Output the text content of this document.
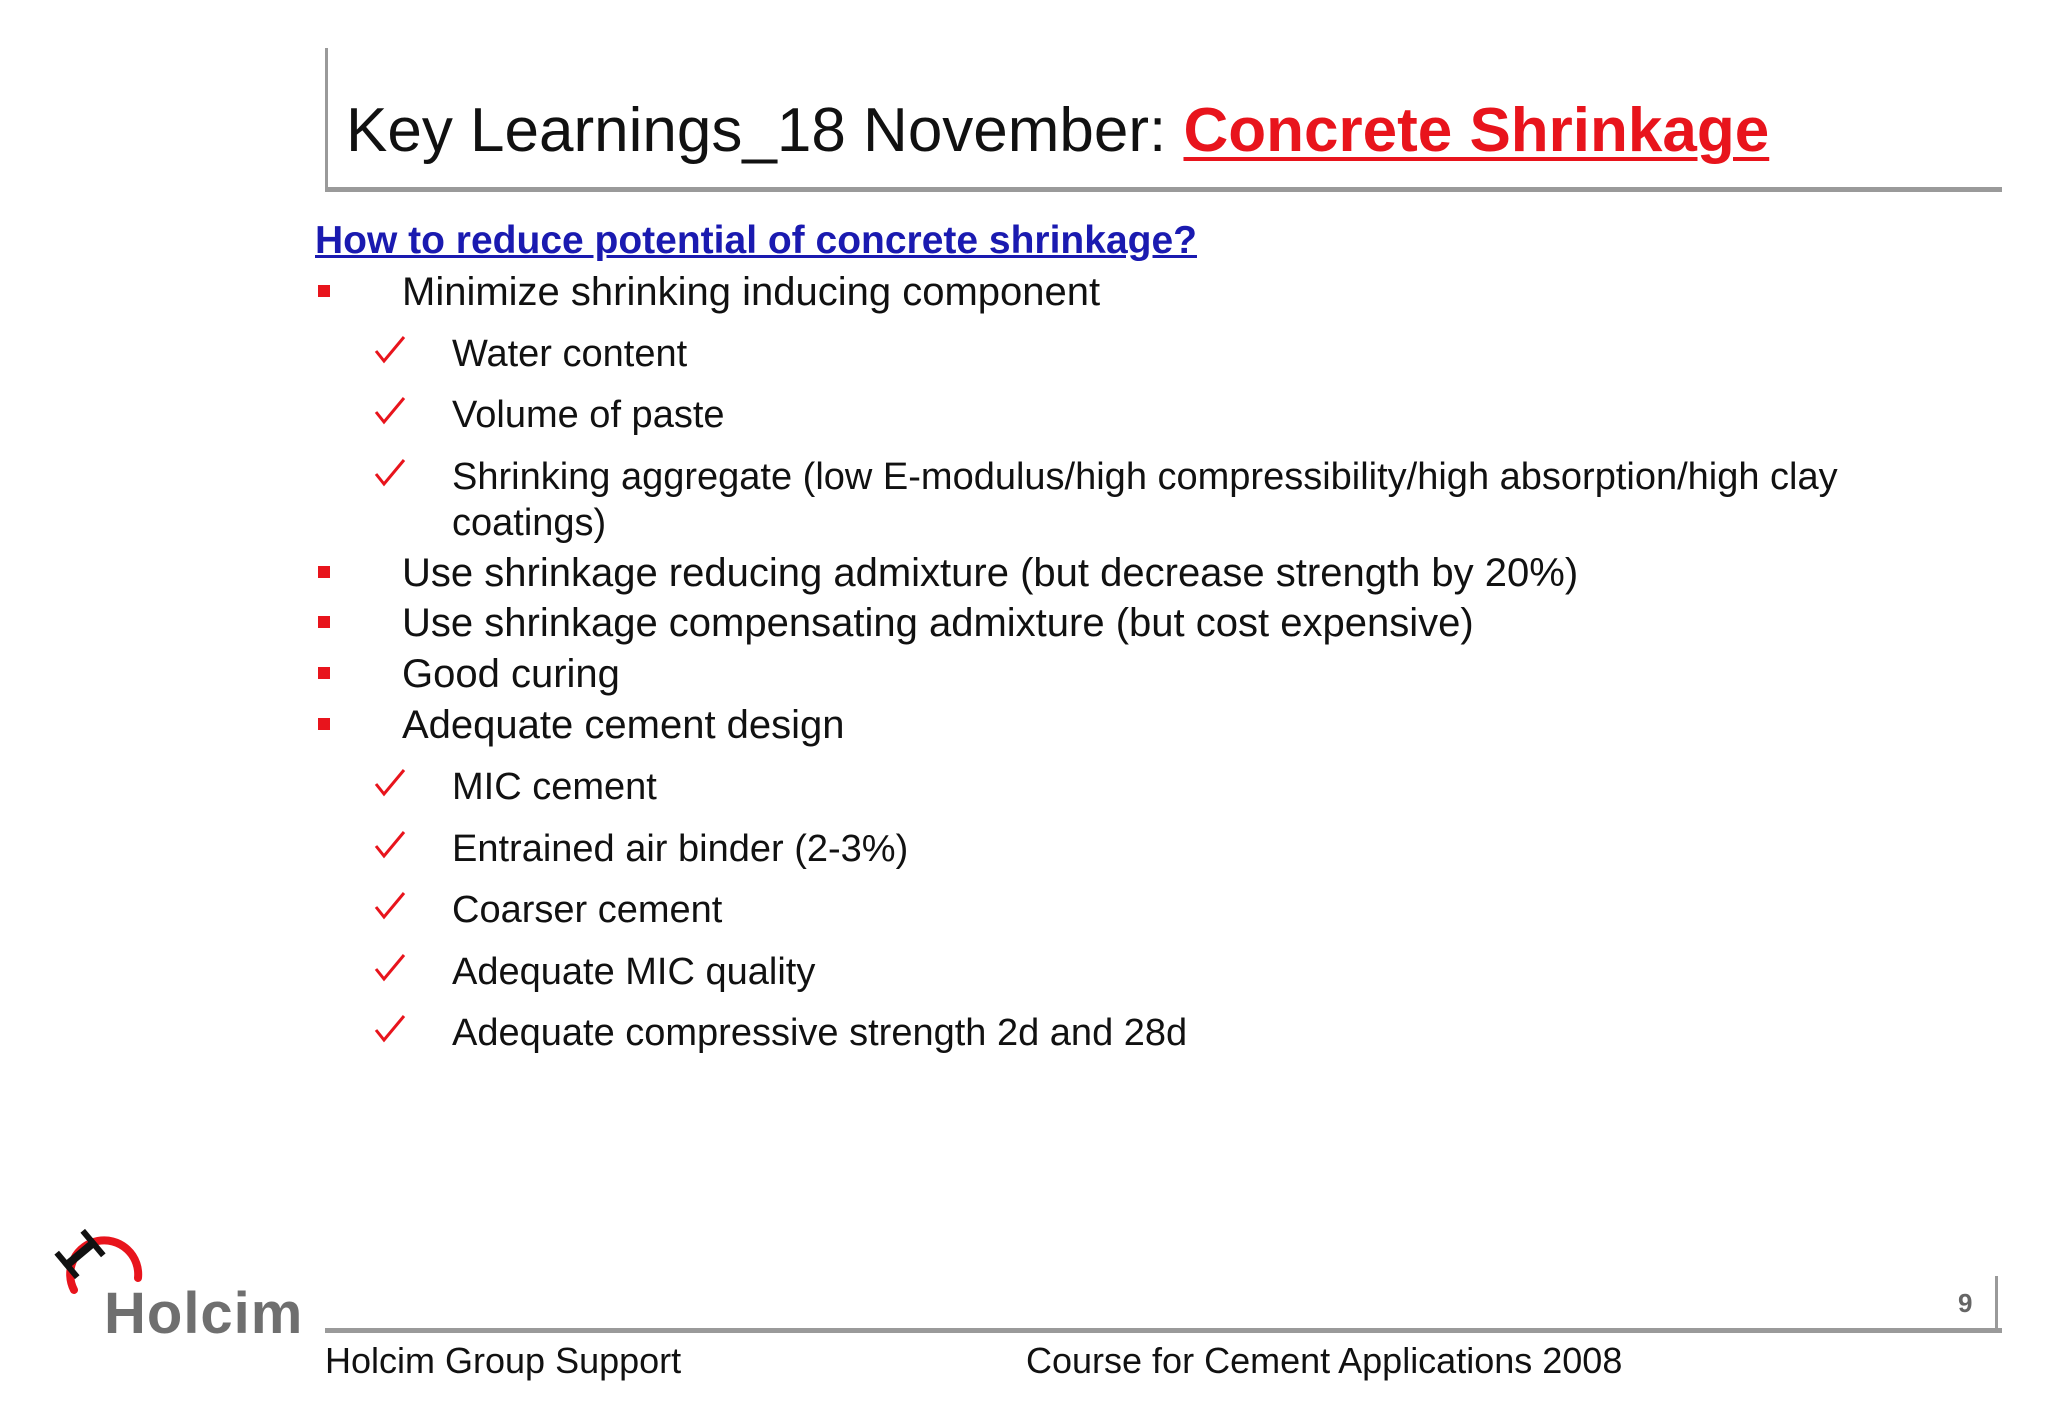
Key Learnings_18 November: Concrete Shrinkage
How to reduce potential of concrete shrinkage?
Minimize shrinking inducing component
Water content
Volume of paste
Shrinking aggregate (low E-modulus/high compressibility/high absorption/high clay
coatings)
Use shrinkage reducing admixture (but decrease strength by 20%)
Use shrinkage compensating admixture (but cost expensive)
Good curing
Adequate cement design
MIC cement
Entrained air binder (2-3%)
Coarser cement
Adequate MIC quality
Adequate compressive strength 2d and 28d
Holcim	9
Holcim Group Support	Course for Cement Applications 2008
